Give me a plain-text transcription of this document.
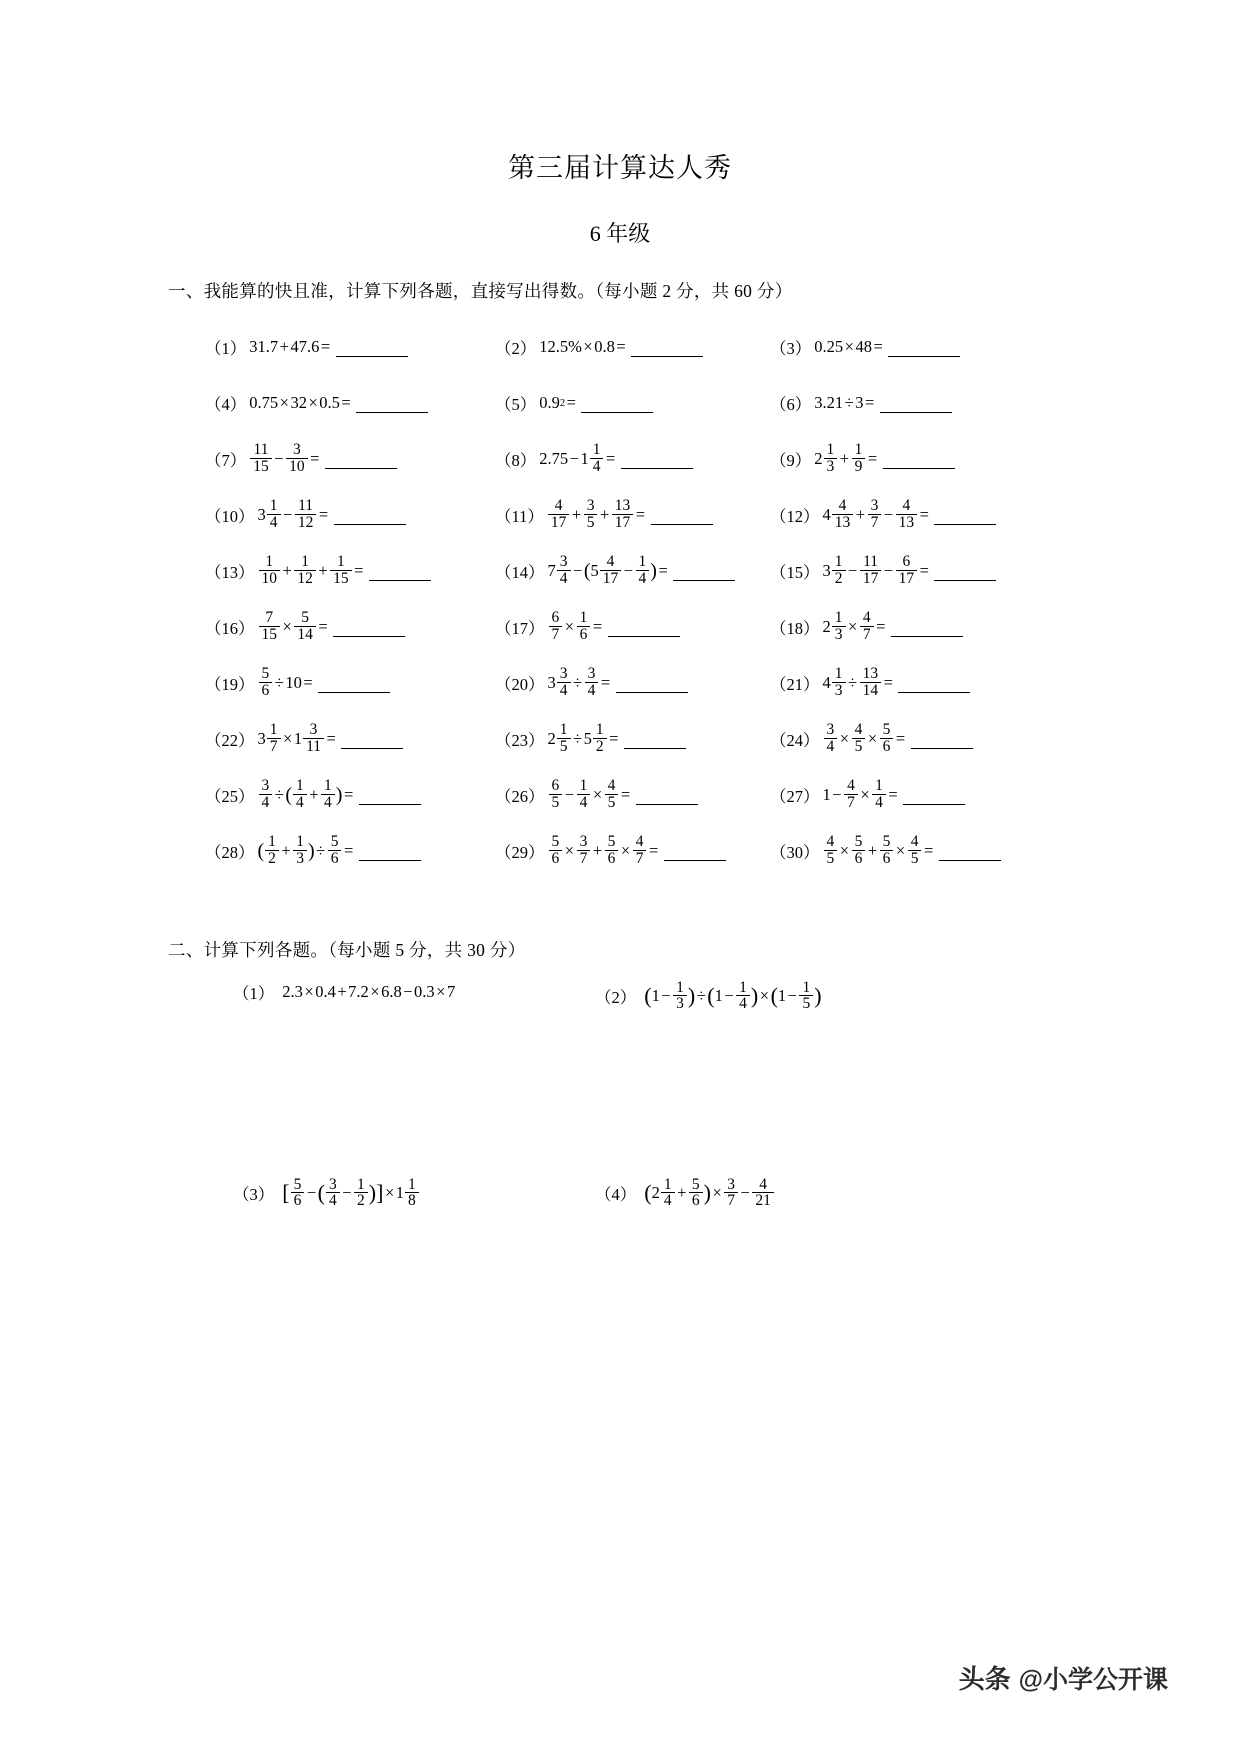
第三届计算达人秀
6 年级
一、我能算的快且准，计算下列各题，直接写出得数。（每小题 2 分，共 60 分）
（1） 31.7 + 47.6 =	（2） 12.5% × 0.8 =	（3） 0.25 × 48 =
（4） 0.75 × 32 × 0.5 =	（5） 0.9 2 =	（6） 3.21 ÷ 3 =
$(7) \frac{11}{15} - \frac{3}{10}$ =	（8） $2.75 - 1 \frac{1}{4}$ =	（9） $2 \frac{1}{3} + \frac{1}{9}$ =
（10） $3 \frac{1}{4} - \frac{11}{12}$ =	$(11) \frac{4}{17} + \frac{3}{5} + \frac{13}{17}$ =	（12） $4 \frac{4}{13} + \frac{3}{7} - \frac{4}{13}$ =
$(13) \frac{1}{10} + \frac{1}{12} + \frac{1}{15}$ =	（14） $7 \frac{3}{4}$ − ( $5 \frac{4}{17} - \frac{1}{4}$ ) =	（15） $3 \frac{1}{2} - \frac{11}{17} - \frac{6}{17}$ =
$(16) \frac{7}{15} \times \frac{5}{14}$ =	$(17) \frac{6}{7} \times \frac{1}{6}$ =	（18） $2 \frac{1}{3} \times \frac{4}{7}$ =
$(19) \frac{5}{6} \div 10$ =	（20） $3 \frac{3}{4} \div \frac{3}{4}$ =	（21） $4 \frac{1}{3} \div \frac{13}{14}$ =
（22） $3 \frac{1}{7} \times 1 \frac{3}{11}$ =	（23） $2 \frac{1}{5} \div 5 \frac{1}{2}$ =	$(24) \frac{3}{4} \times \frac{4}{5} \times \frac{5}{6}$ =
$(25) \frac{3}{4}$ ÷ ( $\frac{1}{4} + \frac{1}{4}$ ) =	$(26) \frac{6}{5} - \frac{1}{4} \times \frac{4}{5}$ =	（27） $1 - \frac{4}{7} \times \frac{1}{4}$ =
（28） ( $\frac{1}{2} + \frac{1}{3}$ ) ÷ $\frac{5}{6}$ =	$(29) \frac{5}{6} \times \frac{3}{7} + \frac{5}{6} \times \frac{4}{7}$ =	$(30) \frac{4}{5} \times \frac{5}{6} + \frac{5}{6} \times \frac{4}{5}$ =
二、计算下列各题。（每小题 5 分，共 30 分）
（1） 2.3 × 0.4 + 7.2 × 6.8 − 0.3 × 7	（2） ( $1 - \frac{1}{3}$ ) ÷ ( $1 - \frac{1}{4}$ ) × ( $1 - \frac{1}{5}$ )
（3） [ $\frac{5}{6}$ − ( $\frac{3}{4} - \frac{1}{2}$ ) ] × $1 \frac{1}{8}$	（4） ( $2 \frac{1}{4} + \frac{5}{6}$ ) × $\frac{3}{7} - \frac{4}{21}$
头条 @小学公开课
